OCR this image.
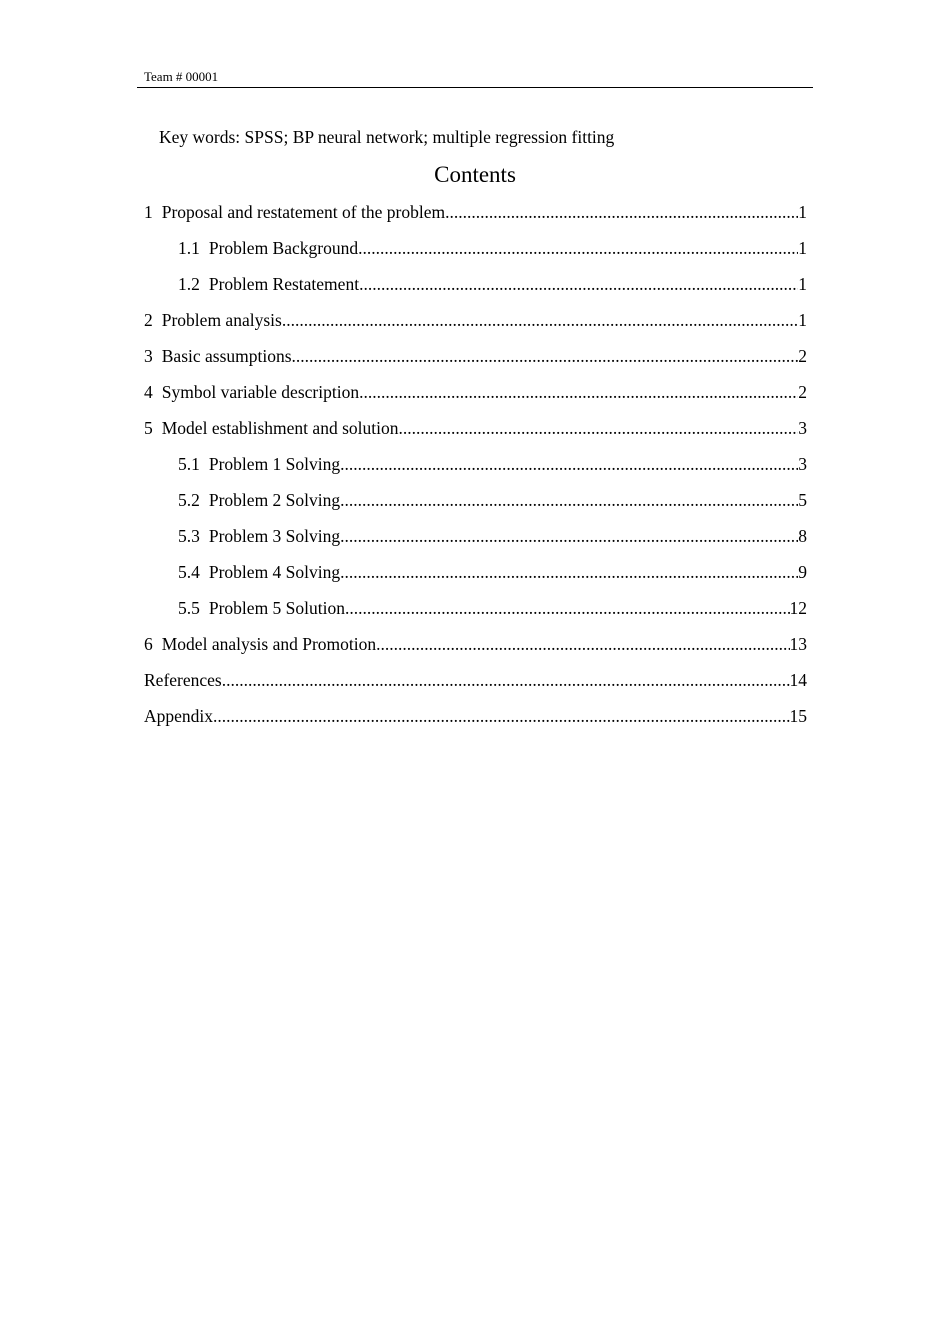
Team # 00001
Key words: SPSS; BP neural network; multiple regression fitting
Contents
1 Proposal and restatement of the problem .....	1
1.1 Problem Background .....	1
1.2 Problem Restatement .....	1
2 Problem analysis .....	1
3 Basic assumptions .....	2
4 Symbol variable description .....	2
5 Model establishment and solution .....	3
5.1 Problem 1 Solving .....	3
5.2 Problem 2 Solving .....	5
5.3 Problem 3 Solving .....	8
5.4 Problem 4 Solving .....	9
5.5 Problem 5 Solution .....	12
6 Model analysis and Promotion .....	13
References .....	14
Appendix .....	15
